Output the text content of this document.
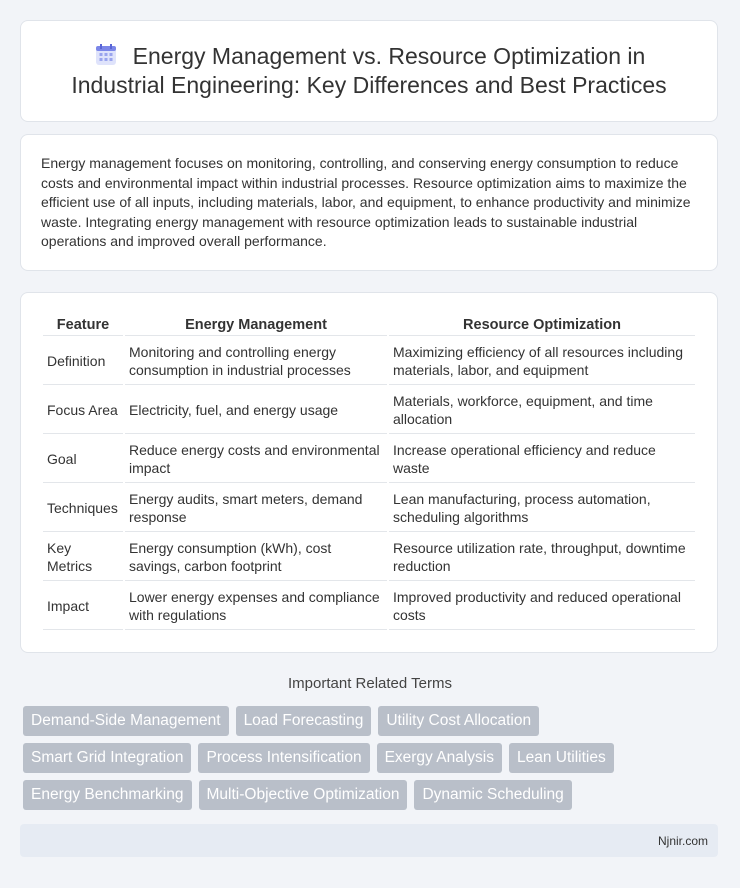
Energy Management vs. Resource Optimization in Industrial Engineering: Key Differences and Best Practices

Energy management focuses on monitoring, controlling, and conserving energy consumption to reduce costs and environmental impact within industrial processes. Resource optimization aims to maximize the efficient use of all inputs, including materials, labor, and equipment, to enhance productivity and minimize waste. Integrating energy management with resource optimization leads to sustainable industrial operations and improved overall performance.

Feature	Energy Management	Resource Optimization
Definition	Monitoring and controlling energy consumption in industrial processes	Maximizing efficiency of all resources including materials, labor, and equipment
Focus Area	Electricity, fuel, and energy usage	Materials, workforce, equipment, and time allocation
Goal	Reduce energy costs and environmental impact	Increase operational efficiency and reduce waste
Techniques	Energy audits, smart meters, demand response	Lean manufacturing, process automation, scheduling algorithms
Key Metrics	Energy consumption (kWh), cost savings, carbon footprint	Resource utilization rate, throughput, downtime reduction
Impact	Lower energy expenses and compliance with regulations	Improved productivity and reduced operational costs
Important Related Terms
Demand-Side Management	Load Forecasting	Utility Cost Allocation
Smart Grid Integration	Process Intensification	Exergy Analysis	Lean Utilities
Energy Benchmarking	Multi-Objective Optimization	Dynamic Scheduling
Njnir.com
